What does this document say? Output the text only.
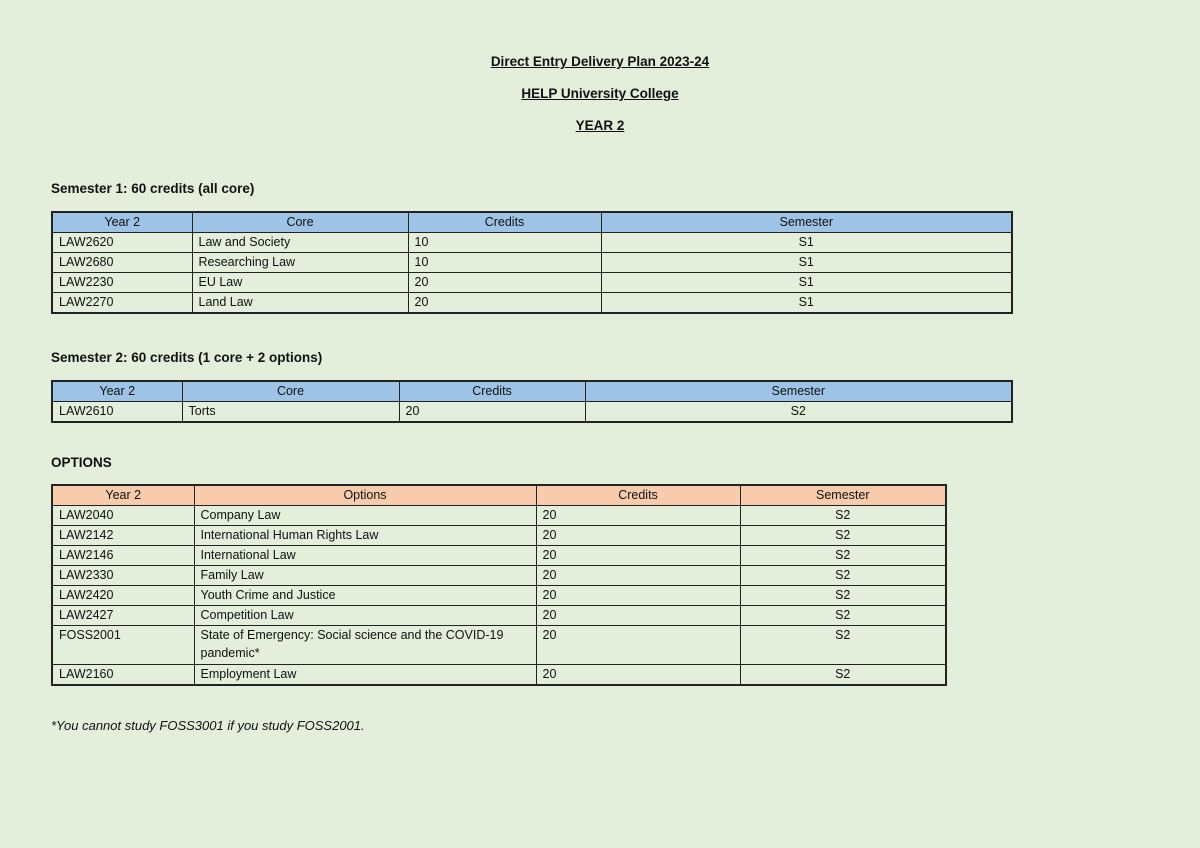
Direct Entry Delivery Plan 2023-24
HELP University College
YEAR 2
Semester 1: 60 credits (all core)
Year 2	Core	Credits	Semester
LAW2620	Law and Society	10	S1
LAW2680	Researching Law	10	S1
LAW2230	EU Law	20	S1
LAW2270	Land Law	20	S1
Semester 2: 60 credits (1 core + 2 options)
Year 2	Core	Credits	Semester
LAW2610	Torts	20	S2
OPTIONS
Year 2	Options	Credits	Semester
LAW2040	Company Law	20	S2
LAW2142	International Human Rights Law	20	S2
LAW2146	International Law	20	S2
LAW2330	Family Law	20	S2
LAW2420	Youth Crime and Justice	20	S2
LAW2427	Competition Law	20	S2
FOSS2001	State of Emergency: Social science and the COVID-19 pandemic*	20	S2
LAW2160	Employment Law	20	S2
*You cannot study FOSS3001 if you study FOSS2001.
